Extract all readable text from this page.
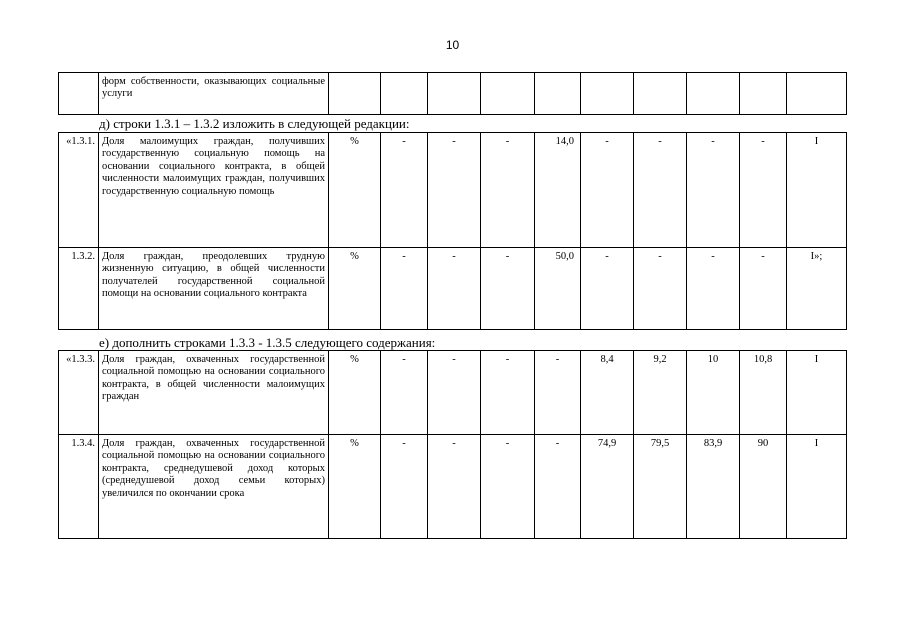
10
	форм собственности, оказывающих социальные услуги										
д) строки 1.3.1 – 1.3.2 изложить в следующей редакции:
«1.3.1.	Доля малоимущих граждан, получивших государственную социальную помощь на основании социального контракта, в общей численности малоимущих граждан, получивших государственную социальную помощь	%	-	-	-	14,0	-	-	-	-	I
1.3.2.	Доля граждан, преодолевших трудную жизненную ситуацию, в общей численности получателей государственной социальной помощи на основании социального контракта	%	-	-	-	50,0	-	-	-	-	I»;
е) дополнить строками 1.3.3 - 1.3.5 следующего содержания:
«1.3.3.	Доля граждан, охваченных государственной социальной помощью на основании социального контракта, в общей численности малоимущих граждан	%	-	-	-	-	8,4	9,2	10	10,8	I
1.3.4.	Доля граждан, охваченных государственной социальной помощью на основании социального контракта, среднедушевой доход которых (среднедушевой доход семьи которых) увеличился по окончании срока	%	-	-	-	-	74,9	79,5	83,9	90	I
